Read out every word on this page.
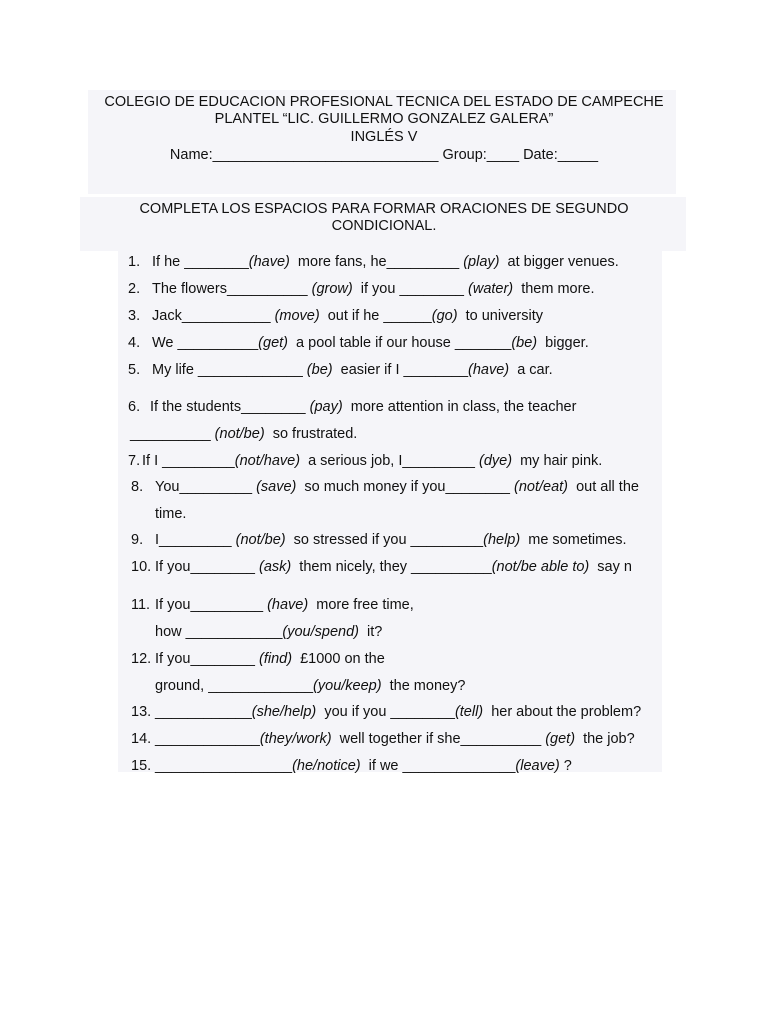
COLEGIO DE EDUCACION PROFESIONAL TECNICA DEL ESTADO DE CAMPECHE
PLANTEL “LIC. GUILLERMO GONZALEZ GALERA”
INGLÉS V
Name:____________________________ Group:____ Date:_____
COMPLETA LOS ESPACIOS PARA FORMAR ORACIONES DE SEGUNDO
CONDICIONAL.
1. If he ________(have)  more fans, he_________ (play)  at bigger venues.
2. The flowers__________ (grow)  if you ________ (water)  them more.
3. Jack___________ (move)  out if he ______(go)  to university
4. We __________(get)  a pool table if our house _______(be)  bigger.
5. My life _____________ (be)  easier if I ________(have)  a car.
6. If the students________ (pay)  more attention in class, the teacher
__________ (not/be)  so frustrated.
7. If I _________(not/have)  a serious job, I_________ (dye)  my hair pink.
8. You_________ (save)  so much money if you________ (not/eat)  out all the
time.
9. I_________ (not/be)  so stressed if you _________(help)  me sometimes.
10. If you________ (ask)  them nicely, they __________(not/be able to)  say n
11. If you_________ (have)  more free time,
how ____________(you/spend)  it?
12. If you________ (find)  £1000 on the
ground, _____________(you/keep)  the money?
13. ____________(she/help)  you if you ________(tell)  her about the problem?
14. _____________(they/work)  well together if she__________ (get)  the job?
15. _________________(he/notice)  if we ______________(leave) ?
